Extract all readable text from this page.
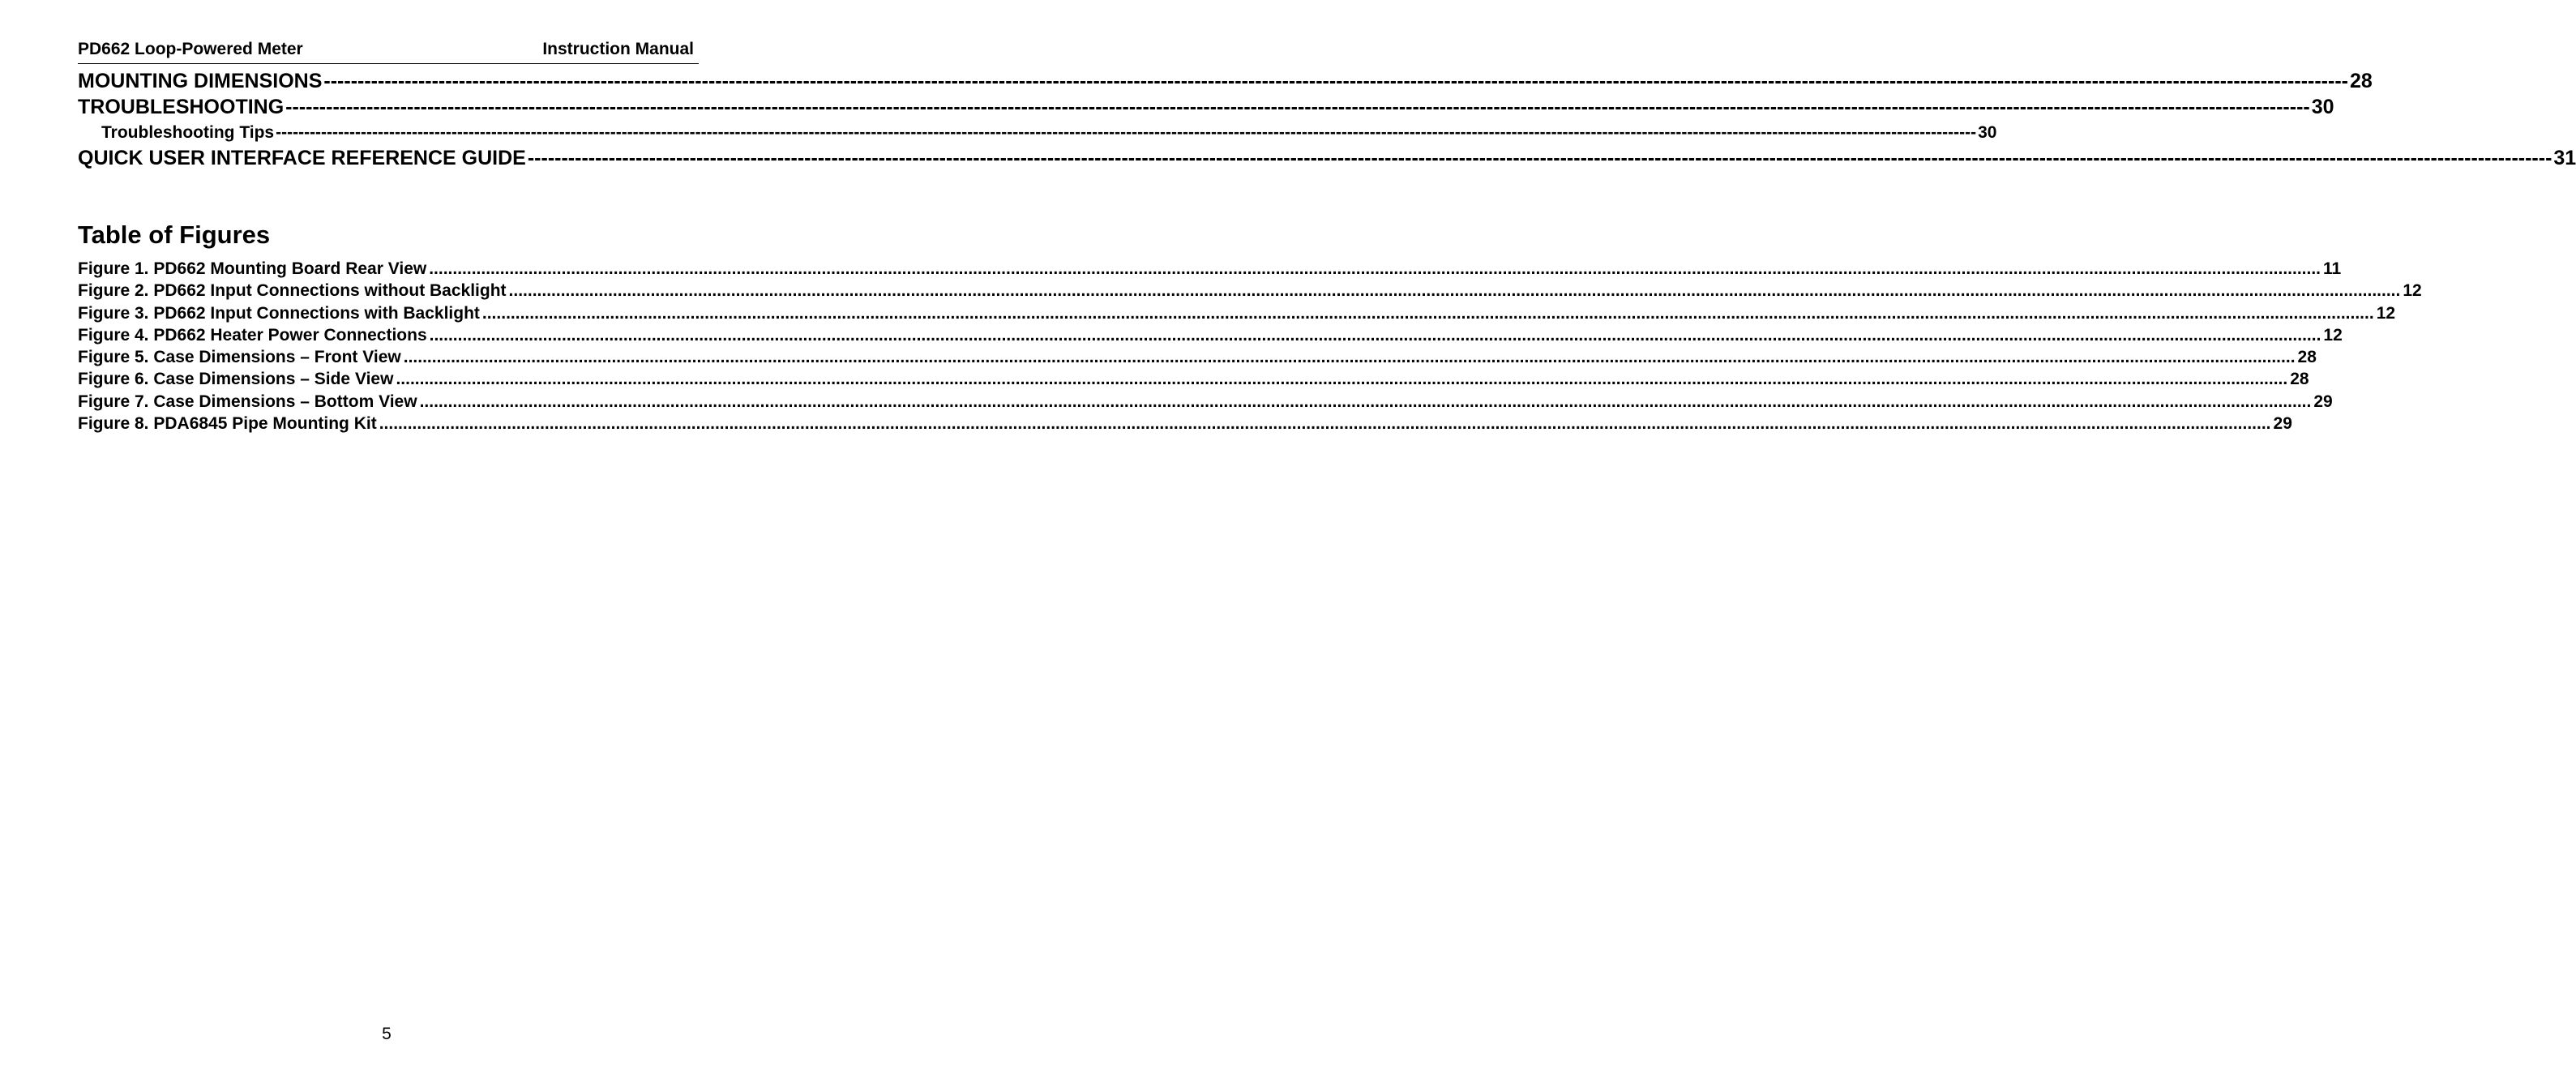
PD662 Loop-Powered Meter	Instruction Manual
MOUNTING DIMENSIONS ------------------------------------------------------------------------------------------------------------------------------------------------------------------------------------------------------------------------------------------------------------------------------------------------------------ 28
TROUBLESHOOTING ------------------------------------------------------------------------------------------------------------------------------------------------------------------------------------------------------------------------------------------------------------------------------------------------------------ 30
Troubleshooting Tips ------------------------------------------------------------------------------------------------------------------------------------------------------------------------------------------------------------------------------------------------------------------------------------------------------------ 30
QUICK USER INTERFACE REFERENCE GUIDE ------------------------------------------------------------------------------------------------------------------------------------------------------------------------------------------------------------------------------------------------------------------------------------------------------------ 31
Table of Figures
Figure 1. PD662 Mounting Board Rear View ................................................................................................................................................................................................................................................................................................................................................................................................................ 11
Figure 2. PD662 Input Connections without Backlight ................................................................................................................................................................................................................................................................................................................................................................................................................ 12
Figure 3. PD662 Input Connections with Backlight ................................................................................................................................................................................................................................................................................................................................................................................................................ 12
Figure 4. PD662 Heater Power Connections ................................................................................................................................................................................................................................................................................................................................................................................................................ 12
Figure 5. Case Dimensions – Front View ................................................................................................................................................................................................................................................................................................................................................................................................................ 28
Figure 6. Case Dimensions – Side View ................................................................................................................................................................................................................................................................................................................................................................................................................ 28
Figure 7. Case Dimensions – Bottom View ................................................................................................................................................................................................................................................................................................................................................................................................................ 29
Figure 8. PDA6845 Pipe Mounting Kit ................................................................................................................................................................................................................................................................................................................................................................................................................ 29
5
